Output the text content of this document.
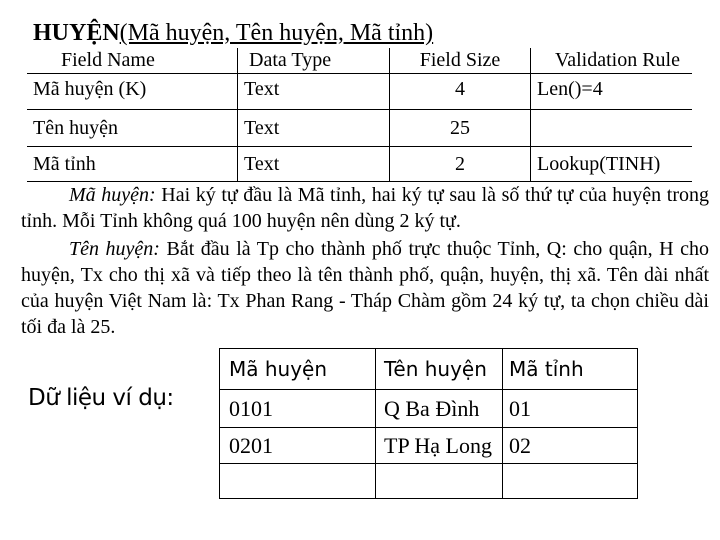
HUYỆN(Mã huyện, Tên huyện, Mã tỉnh)
Field Name	Data Type	Field Size	Validation Rule
Mã huyện (K)	Text	4	Len()=4
Tên huyện	Text	25	
Mã tỉnh	Text	2	Lookup(TINH)

Mã huyện: Hai ký tự đầu là Mã tỉnh, hai ký tự sau là số thứ tự của huyện trong tỉnh. Mỗi Tỉnh không quá 100 huyện nên dùng 2 ký tự.

Tên huyện: Bắt đầu là Tp cho thành phố trực thuộc Tỉnh, Q: cho quận, H cho huyện, Tx cho thị xã và tiếp theo là tên thành phố, quận, huyện, thị xã. Tên dài nhất của huyện Việt Nam là: Tx Phan Rang - Tháp Chàm gồm 24 ký tự, ta chọn chiều dài tối đa là 25.

Dữ liệu ví dụ:
Mã huyện	Tên huyện	Mã tỉnh
0101	Q Ba Đình	01
0201	TP Hạ Long	02
